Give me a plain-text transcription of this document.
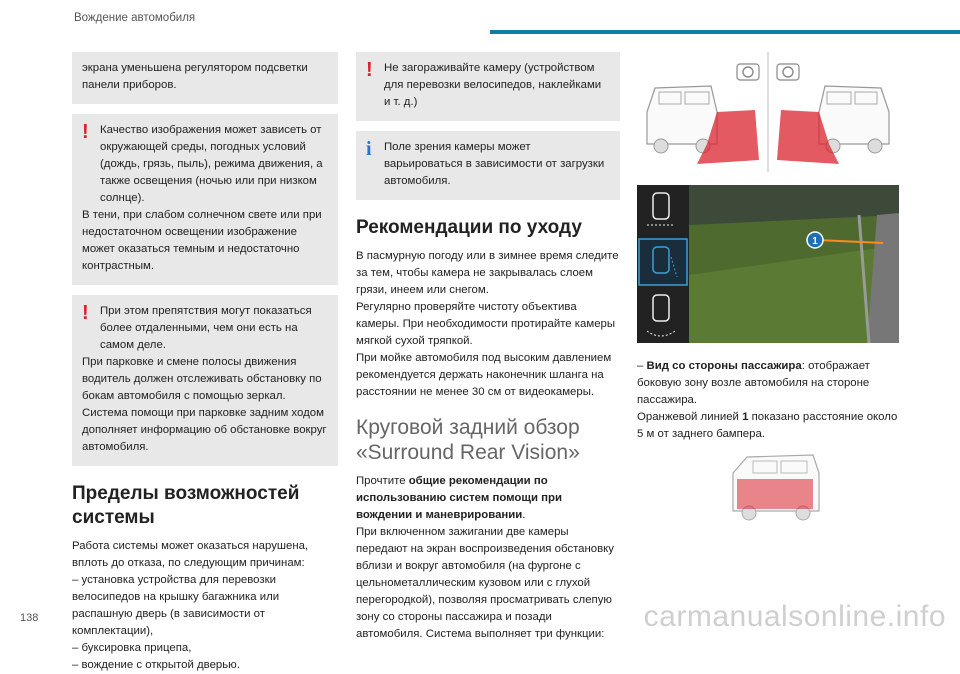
Вождение автомобиля

экрана уменьшена регулятором подсветки панели приборов.

! Качество изображения может зависеть от окружающей среды, погодных условий (дождь, грязь, пыль), режима движения, а также освещения (ночью или при низком солнце).

В тени, при слабом солнечном свете или при недостаточном освещении изображение может оказаться темным и недостаточно контрастным.

! При этом препятствия могут показаться более отдаленными, чем они есть на самом деле.

При парковке и смене полосы движения водитель должен отслеживать обстановку по бокам автомобиля с помощью зеркал.

Система помощи при парковке задним ходом дополняет информацию об обстановке вокруг автомобиля.

Пределы возможностей системы

Работа системы может оказаться нарушена, вплоть до отказа, по следующим причинам:

– установка устройства для перевозки велосипедов на крышку багажника или распашную дверь (в зависимости от комплектации),

– буксировка прицепа,

– вождение с открытой дверью.

! Не загораживайте камеру (устройством для перевозки велосипедов, наклейками и т. д.)

i	Поле зрения камеры может варьироваться в зависимости от загрузки автомобиля.

Рекомендации по уходу

В пасмурную погоду или в зимнее время следите за тем, чтобы камера не закрывалась слоем грязи, инеем или снегом.

Регулярно проверяйте чистоту объектива камеры. При необходимости протирайте камеры мягкой сухой тряпкой.

При мойке автомобиля под высоким давлением рекомендуется держать наконечник шланга на расстоянии не менее 30 см от видеокамеры.

Круговой задний обзор
«Surround Rear Vision»

Прочтите общие рекомендации по использованию систем помощи при вождении и маневрировании.

При включенном зажигании две камеры передают на экран воспроизведения обстановку вблизи и вокруг автомобиля (на фургоне с цельнометаллическим кузовом или с глухой перегородкой), позволяя просматривать слепую зону со стороны пассажира и позади автомобиля. Система выполняет три функции:

1

– Вид со стороны пассажира: отображает боковую зону возле автомобиля на стороне пассажира.

Оранжевой линией 1 показано расстояние около 5 м от заднего бампера.

138	carmanualsonline.info
